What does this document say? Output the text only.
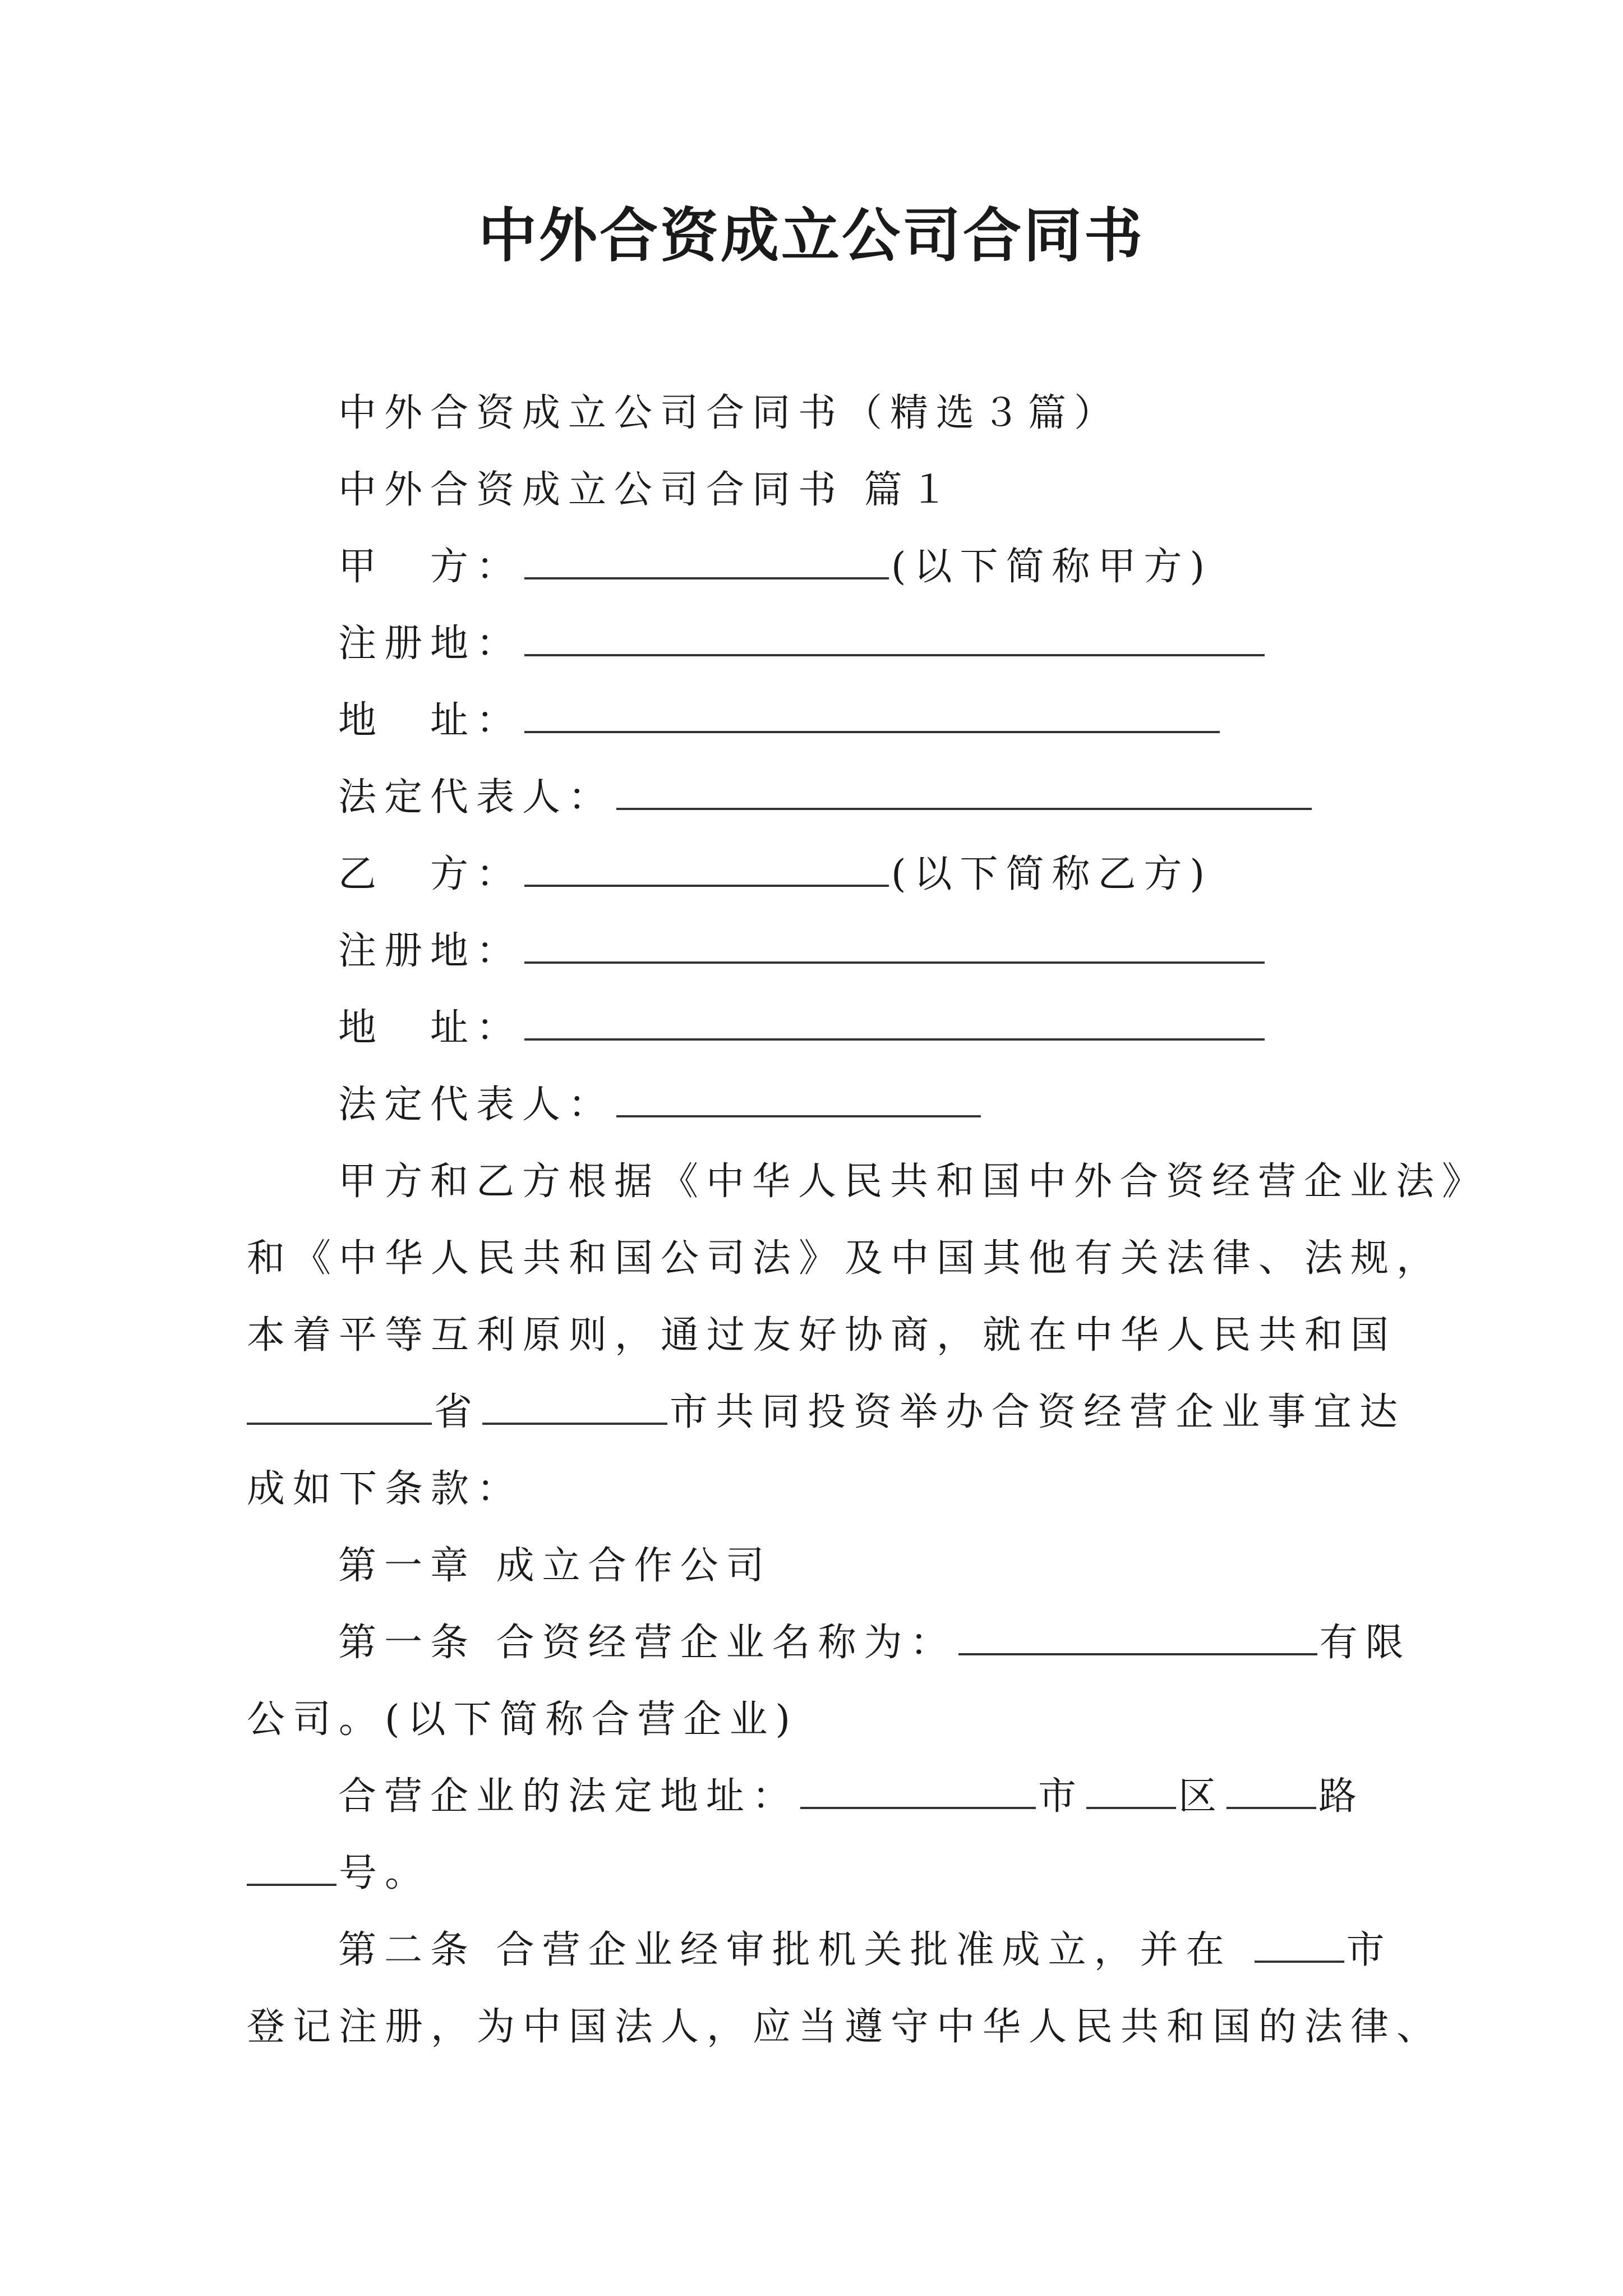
中外合资成立公司合同书
中外合资成立公司合同书（精选３篇）
中外合资成立公司合同书 篇１
甲　方：	(以下简称甲方)
注册地：
地　址：
法定代表人：
乙　方：	(以下简称乙方)
注册地：
地　址：
法定代表人：
甲方和乙方根据《中华人民共和国中外合资经营企业法》
和《中华人民共和国公司法》及中国其他有关法律、法规，
本着平等互利原则，通过友好协商，就在中华人民共和国
省	市共同投资举办合资经营企业事宜达
成如下条款：
第一章 成立合作公司
第一条 合资经营企业名称为：	有限
公司。(以下简称合营企业)
合营企业的法定地址：	市 区 路
号。
第二条 合营企业经审批机关批准成立，并在	市
登记注册，为中国法人，应当遵守中华人民共和国的法律、
